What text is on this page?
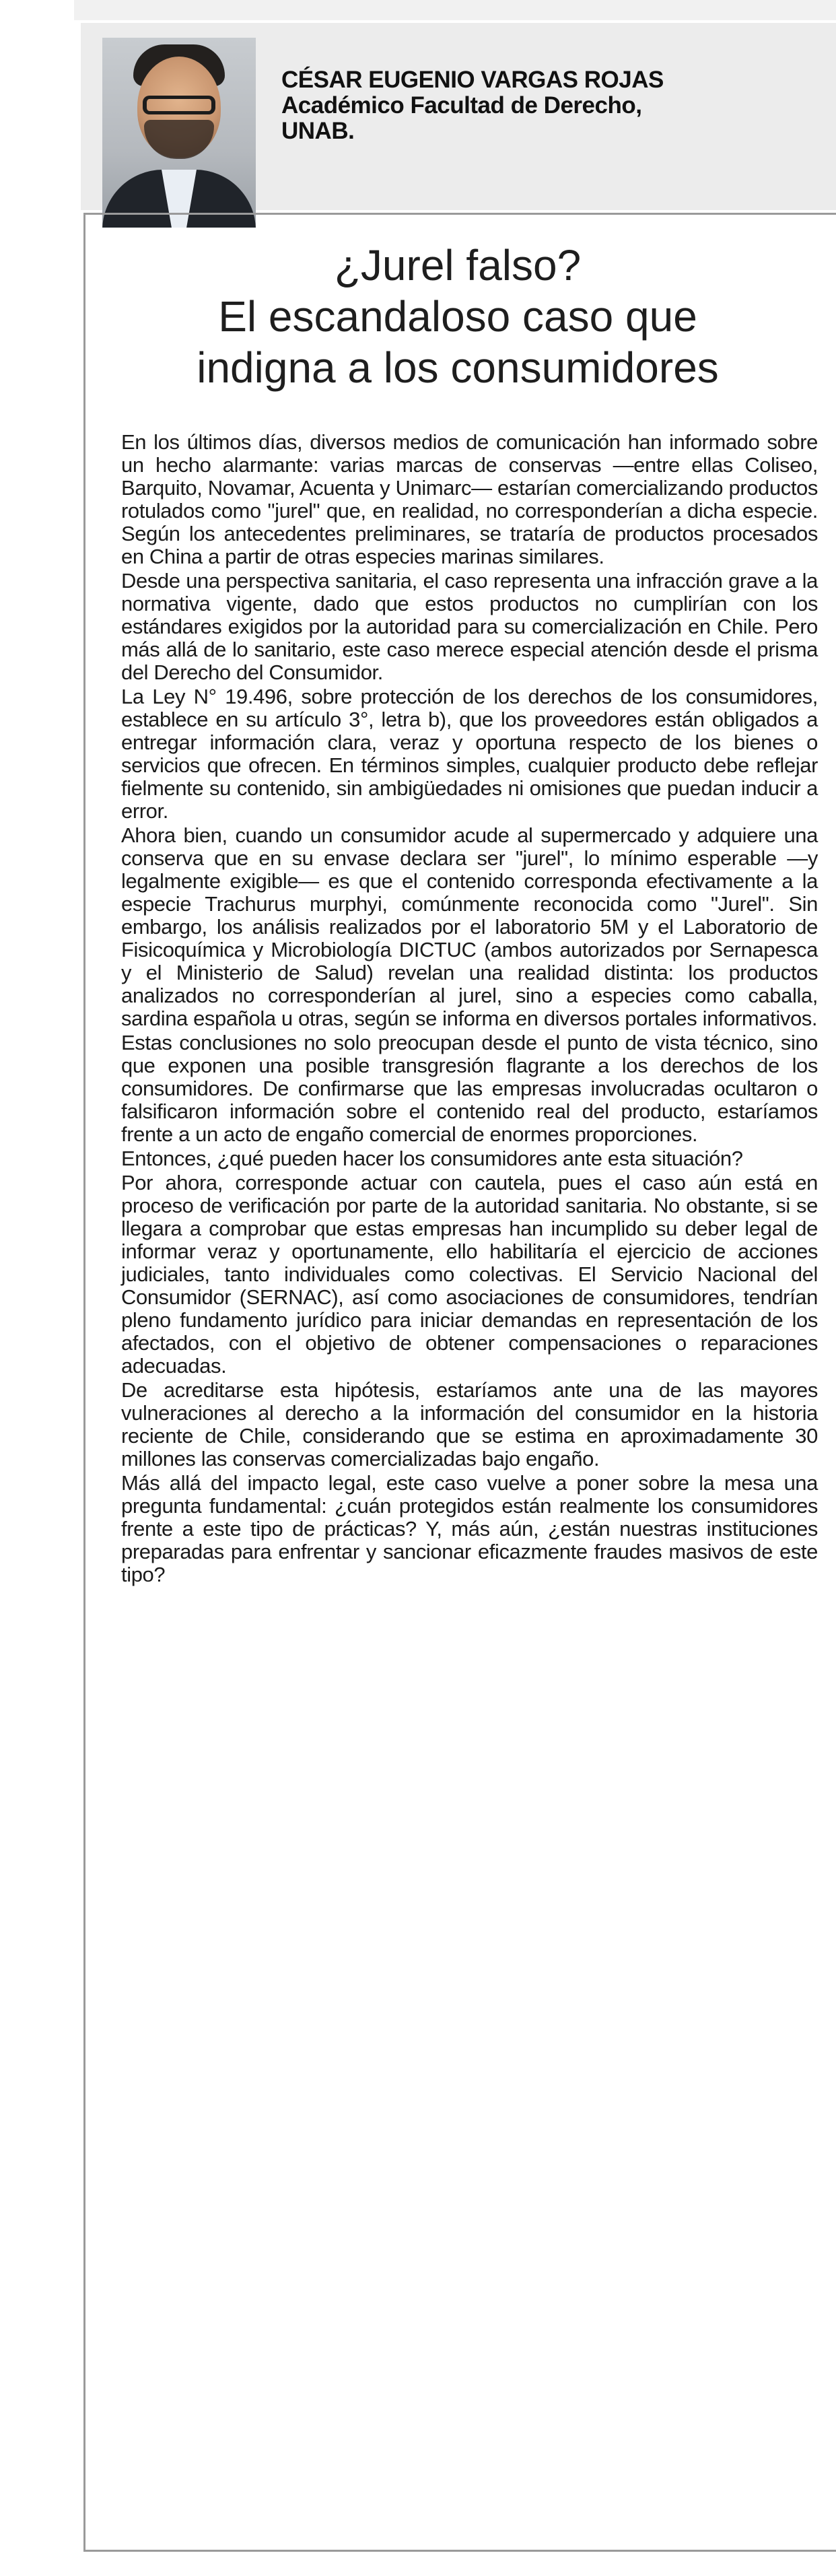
CÉSAR EUGENIO VARGAS ROJAS
Académico Facultad de Derecho,
UNAB.
¿Jurel falso?
El escandaloso caso que
indigna a los consumidores

En los últimos días, diversos medios de comunicación han informado sobre un hecho alarmante: varias marcas de conservas —entre ellas Coliseo, Barquito, Novamar, Acuenta y Unimarc— estarían comercializando productos rotulados como "jurel" que, en realidad, no corresponderían a dicha especie. Según los antecedentes preliminares, se trataría de productos procesados en China a partir de otras especies marinas similares.

Desde una perspectiva sanitaria, el caso representa una infracción grave a la normativa vigente, dado que estos productos no cumplirían con los estándares exigidos por la autoridad para su comercialización en Chile. Pero más allá de lo sanitario, este caso merece especial atención desde el prisma del Derecho del Consumidor.

La Ley N° 19.496, sobre protección de los derechos de los consumidores, establece en su artículo 3°, letra b), que los proveedores están obligados a entregar información clara, veraz y oportuna respecto de los bienes o servicios que ofrecen. En términos simples, cualquier producto debe reflejar fielmente su contenido, sin ambigüedades ni omisiones que puedan inducir a error.

Ahora bien, cuando un consumidor acude al supermercado y adquiere una conserva que en su envase declara ser "jurel", lo mínimo esperable —y legalmente exigible— es que el contenido corresponda efectivamente a la especie Trachurus murphyi, comúnmente reconocida como "Jurel". Sin embargo, los análisis realizados por el laboratorio 5M y el Laboratorio de Fisicoquímica y Microbiología DICTUC (ambos autorizados por Sernapesca y el Ministerio de Salud) revelan una realidad distinta: los productos analizados no corresponderían al jurel, sino a especies como caballa, sardina española u otras, según se informa en diversos portales informativos.

Estas conclusiones no solo preocupan desde el punto de vista técnico, sino que exponen una posible transgresión flagrante a los derechos de los consumidores. De confirmarse que las empresas involucradas ocultaron o falsificaron información sobre el contenido real del producto, estaríamos frente a un acto de engaño comercial de enormes proporciones.

Entonces, ¿qué pueden hacer los consumidores ante esta situación?

Por ahora, corresponde actuar con cautela, pues el caso aún está en proceso de verificación por parte de la autoridad sanitaria. No obstante, si se llegara a comprobar que estas empresas han incumplido su deber legal de informar veraz y oportunamente, ello habilitaría el ejercicio de acciones judiciales, tanto individuales como colectivas. El Servicio Nacional del Consumidor (SERNAC), así como asociaciones de consumidores, tendrían pleno fundamento jurídico para iniciar demandas en representación de los afectados, con el objetivo de obtener compensaciones o reparaciones adecuadas.

De acreditarse esta hipótesis, estaríamos ante una de las mayores vulneraciones al derecho a la información del consumidor en la historia reciente de Chile, considerando que se estima en aproximadamente 30 millones las conservas comercializadas bajo engaño.

Más allá del impacto legal, este caso vuelve a poner sobre la mesa una pregunta fundamental: ¿cuán protegidos están realmente los consumidores frente a este tipo de prácticas? Y, más aún, ¿están nuestras instituciones preparadas para enfrentar y sancionar eficazmente fraudes masivos de este tipo?
